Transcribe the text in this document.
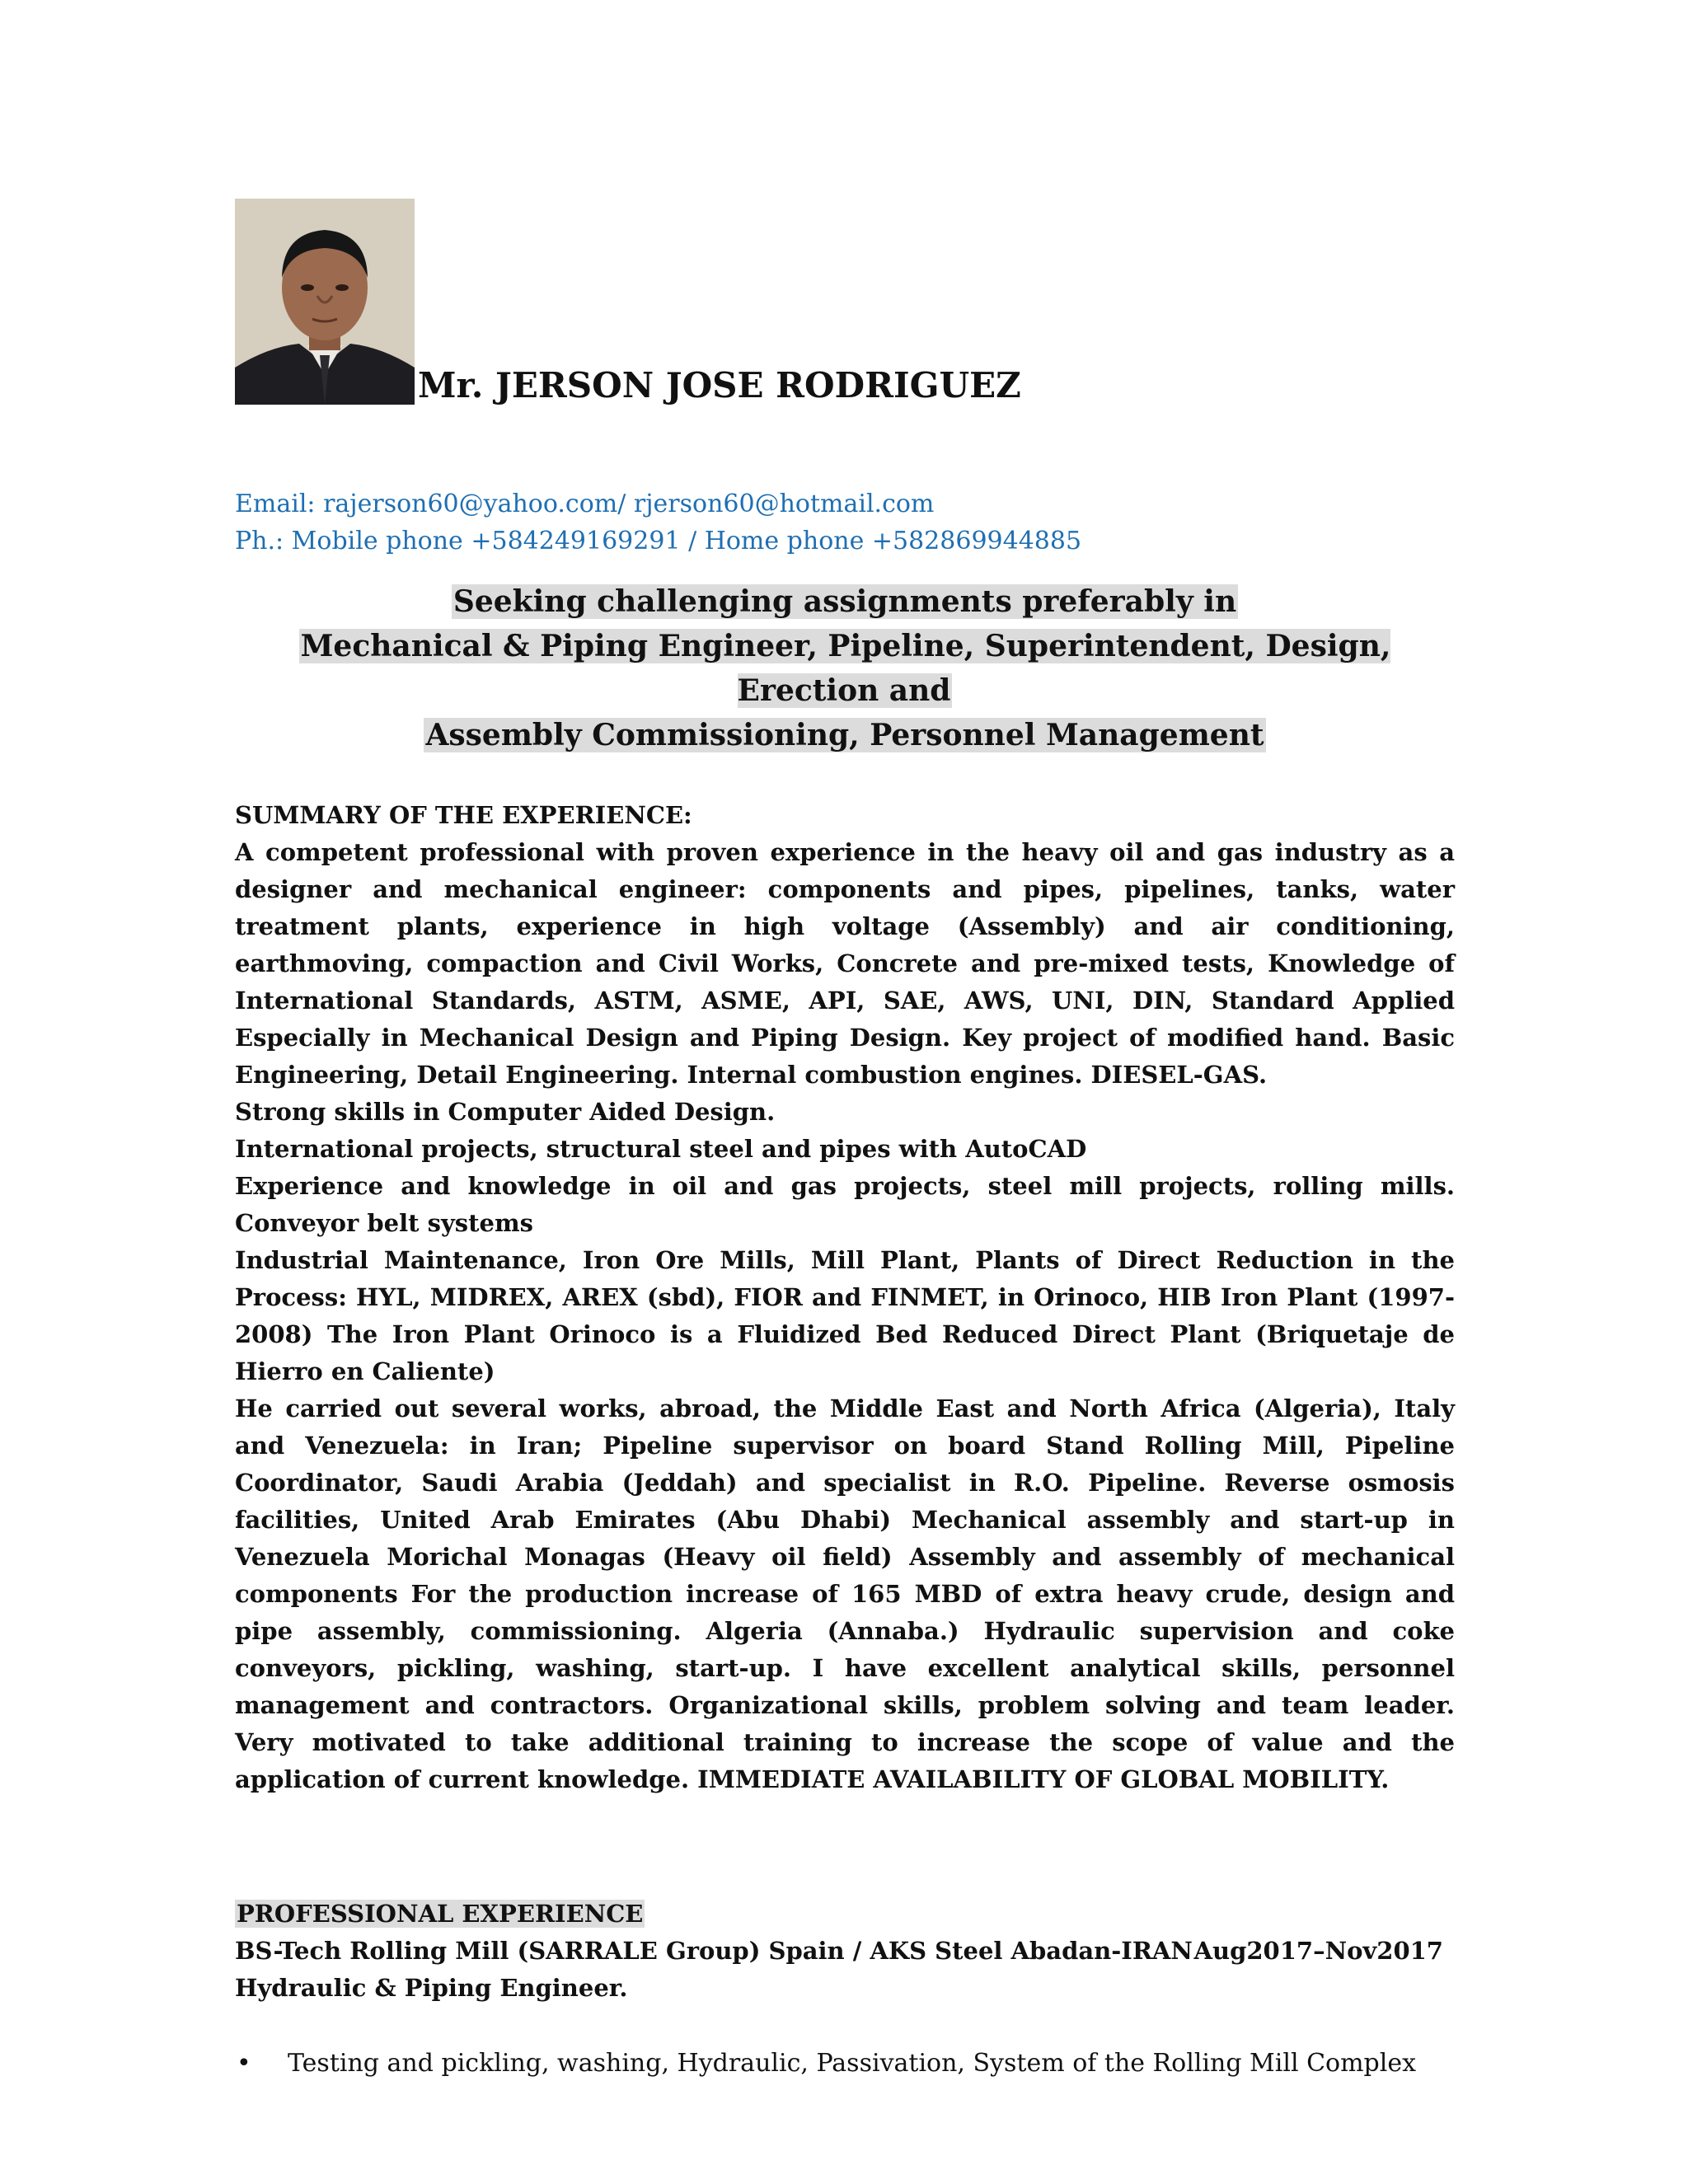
Mr. JERSON JOSE RODRIGUEZ
Email: rajerson60@yahoo.com/ rjerson60@hotmail.com
Ph.: Mobile phone +584249169291 / Home phone +582869944885
Seeking challenging assignments preferably in
Mechanical & Piping Engineer, Pipeline, Superintendent, Design, Erection and
Assembly Commissioning, Personnel Management
SUMMARY OF THE EXPERIENCE:

A competent professional with proven experience in the heavy oil and gas industry as a designer and mechanical engineer: components and pipes, pipelines, tanks, water treatment plants, experience in high voltage (Assembly) and air conditioning, earthmoving, compaction and Civil Works, Concrete and pre-mixed tests, Knowledge of International Standards, ASTM, ASME, API, SAE, AWS, UNI, DIN, Standard Applied Especially in Mechanical Design and Piping Design. Key project of modified hand. Basic Engineering, Detail Engineering. Internal combustion engines. DIESEL-GAS.

Strong skills in Computer Aided Design.

International projects, structural steel and pipes with AutoCAD

Experience and knowledge in oil and gas projects, steel mill projects, rolling mills. Conveyor belt systems

Industrial Maintenance, Iron Ore Mills, Mill Plant, Plants of Direct Reduction in the Process: HYL, MIDREX, AREX (sbd), FIOR and FINMET, in Orinoco, HIB Iron Plant (1997-2008) The Iron Plant Orinoco is a Fluidized Bed Reduced Direct Plant (Briquetaje de Hierro en Caliente)

He carried out several works, abroad, the Middle East and North Africa (Algeria), Italy and Venezuela: in Iran; Pipeline supervisor on board Stand Rolling Mill, Pipeline Coordinator, Saudi Arabia (Jeddah) and specialist in R.O. Pipeline. Reverse osmosis facilities, United Arab Emirates (Abu Dhabi) Mechanical assembly and start-up in Venezuela Morichal Monagas (Heavy oil field) Assembly and assembly of mechanical components For the production increase of 165 MBD of extra heavy crude, design and pipe assembly, commissioning. Algeria (Annaba.) Hydraulic supervision and coke conveyors, pickling, washing, start-up. I have excellent analytical skills, personnel management and contractors. Organizational skills, problem solving and team leader. Very motivated to take additional training to increase the scope of value and the application of current knowledge. IMMEDIATE AVAILABILITY OF GLOBAL MOBILITY.

PROFESSIONAL EXPERIENCE
BS-Tech Rolling Mill (SARRALE Group) Spain / AKS Steel Abadan-IRAN Aug2017–Nov2017
Hydraulic & Piping Engineer.
•	Testing and pickling, washing, Hydraulic, Passivation, System of the Rolling Mill Complex
